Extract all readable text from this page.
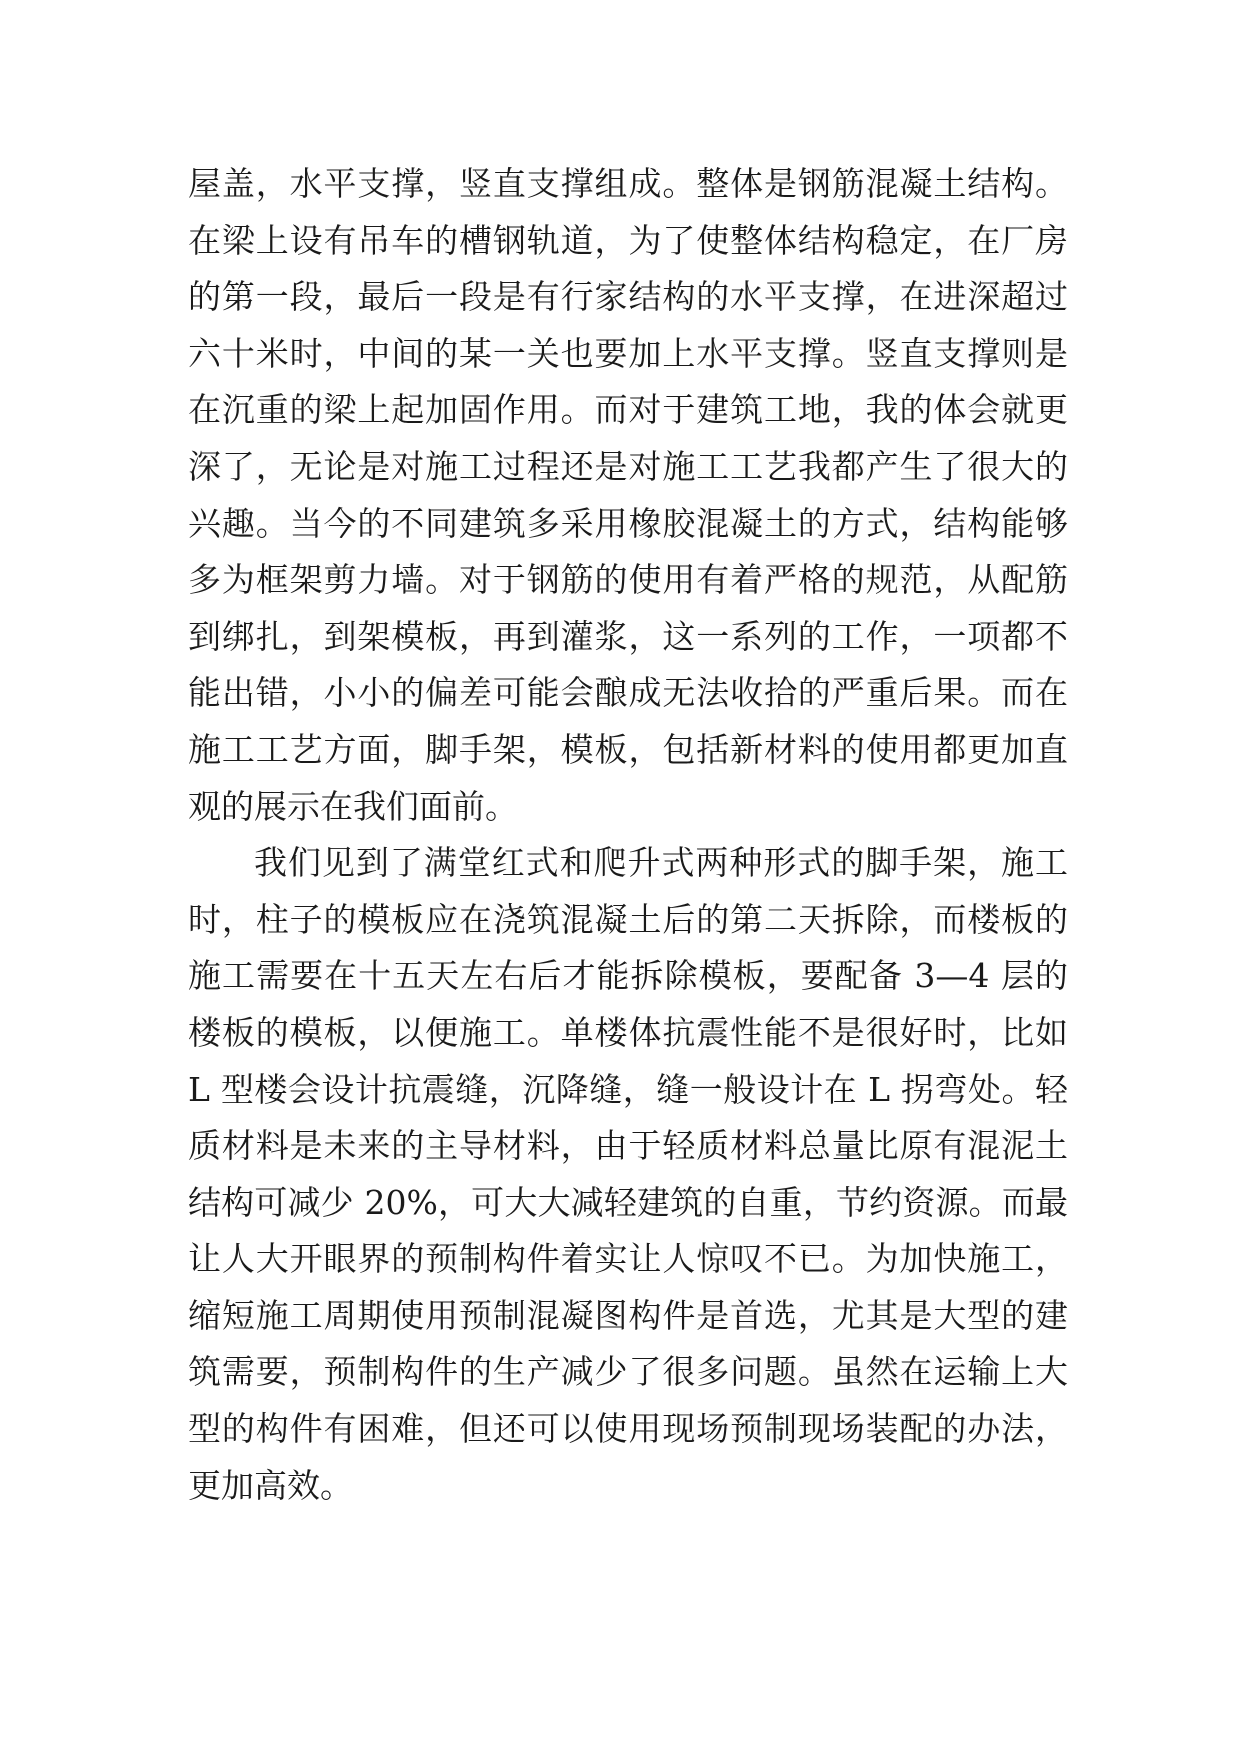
屋盖，水平支撑，竖直支撑组成。整体是钢筋混凝土结构。
在梁上设有吊车的槽钢轨道，为了使整体结构稳定，在厂房
的第一段，最后一段是有行家结构的水平支撑，在进深超过
六十米时，中间的某一关也要加上水平支撑。竖直支撑则是
在沉重的梁上起加固作用。而对于建筑工地，我的体会就更
深了，无论是对施工过程还是对施工工艺我都产生了很大的
兴趣。当今的不同建筑多采用橡胶混凝土的方式，结构能够
多为框架剪力墙。对于钢筋的使用有着严格的规范，从配筋
到绑扎，到架模板，再到灌浆，这一系列的工作，一项都不
能出错，小小的偏差可能会酿成无法收拾的严重后果。而在
施工工艺方面，脚手架，模板，包括新材料的使用都更加直
观的展示在我们面前。
我们见到了满堂红式和爬升式两种形式的脚手架，施工
时，柱子的模板应在浇筑混凝土后的第二天拆除，而楼板的
施工需要在十五天左右后才能拆除模板，要配备 3—4 层的
楼板的模板，以便施工。单楼体抗震性能不是很好时，比如
L 型楼会设计抗震缝，沉降缝，缝一般设计在 L 拐弯处。轻
质材料是未来的主导材料，由于轻质材料总量比原有混泥土
结构可减少 20%，可大大减轻建筑的自重，节约资源。而最
让人大开眼界的预制构件着实让人惊叹不已。为加快施工，
缩短施工周期使用预制混凝图构件是首选，尤其是大型的建
筑需要，预制构件的生产减少了很多问题。虽然在运输上大
型的构件有困难，但还可以使用现场预制现场装配的办法，
更加高效。
